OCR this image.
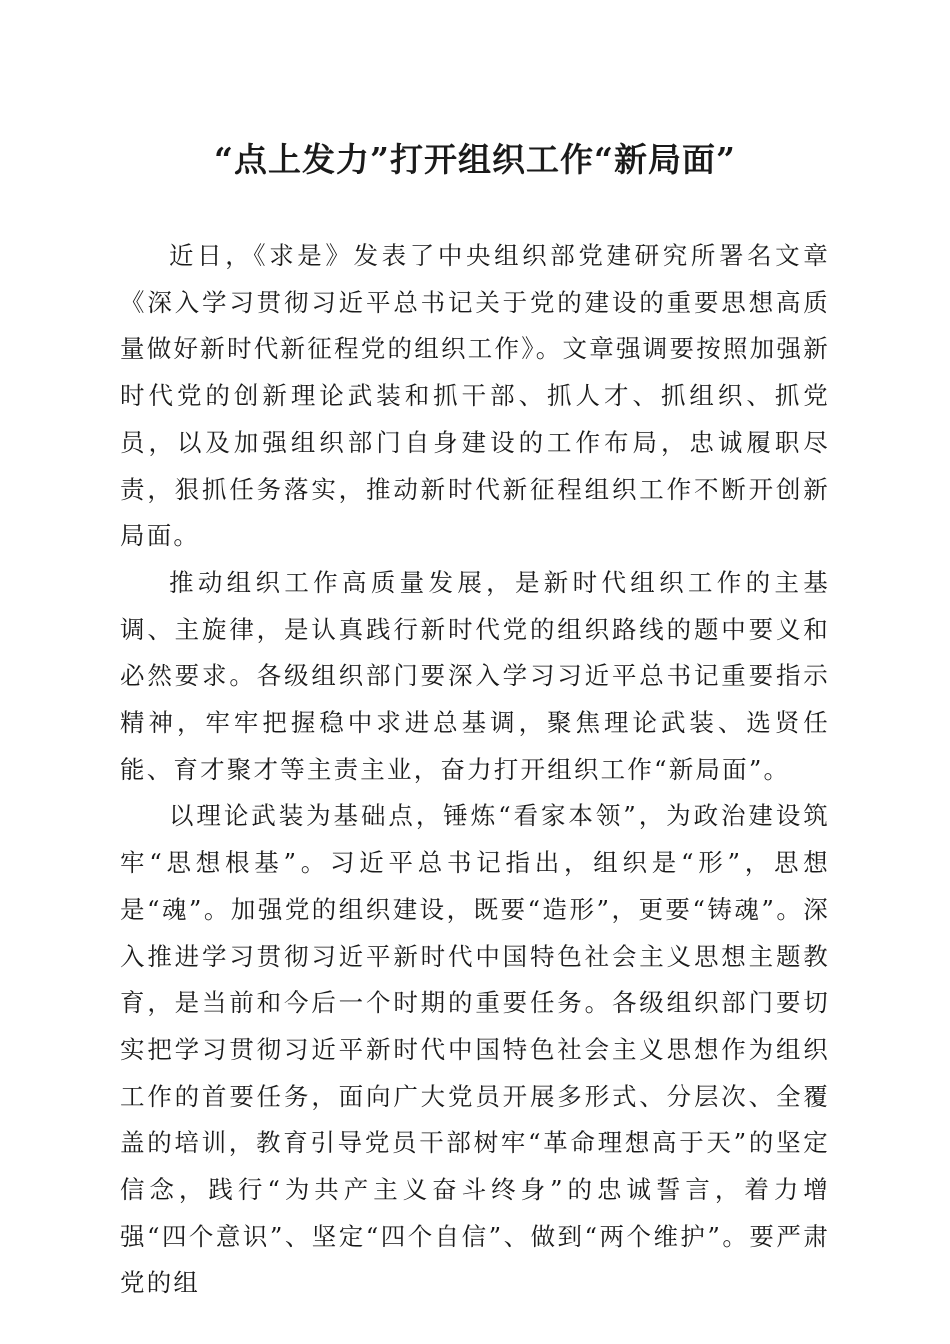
“点上发力”打开组织工作“新局面”

近日，《求是》发表了中央组织部党建研究所署名文章《深入学习贯彻习近平总书记关于党的建设的重要思想高质量做好新时代新征程党的组织工作》。文章强调要按照加强新时代党的创新理论武装和抓干部、抓人才、抓组织、抓党员，以及加强组织部门自身建设的工作布局，忠诚履职尽责，狠抓任务落实，推动新时代新征程组织工作不断开创新局面。

推动组织工作高质量发展，是新时代组织工作的主基调、主旋律，是认真践行新时代党的组织路线的题中要义和必然要求。各级组织部门要深入学习习近平总书记重要指示精神，牢牢把握稳中求进总基调，聚焦理论武装、选贤任能、育才聚才等主责主业，奋力打开组织工作“新局面”。

以理论武装为基础点，锤炼“看家本领”，为政治建设筑牢“思想根基”。习近平总书记指出，组织是“形”，思想是“魂”。加强党的组织建设，既要“造形”，更要“铸魂”。深入推进学习贯彻习近平新时代中国特色社会主义思想主题教育，是当前和今后一个时期的重要任务。各级组织部门要切实把学习贯彻习近平新时代中国特色社会主义思想作为组织工作的首要任务，面向广大党员开展多形式、分层次、全覆盖的培训，教育引导党员干部树牢“革命理想高于天”的坚定信念，践行“为共产主义奋斗终身”的忠诚誓言，着力增强“四个意识”、坚定“四个自信”、做到“两个维护”。要严肃党的组
